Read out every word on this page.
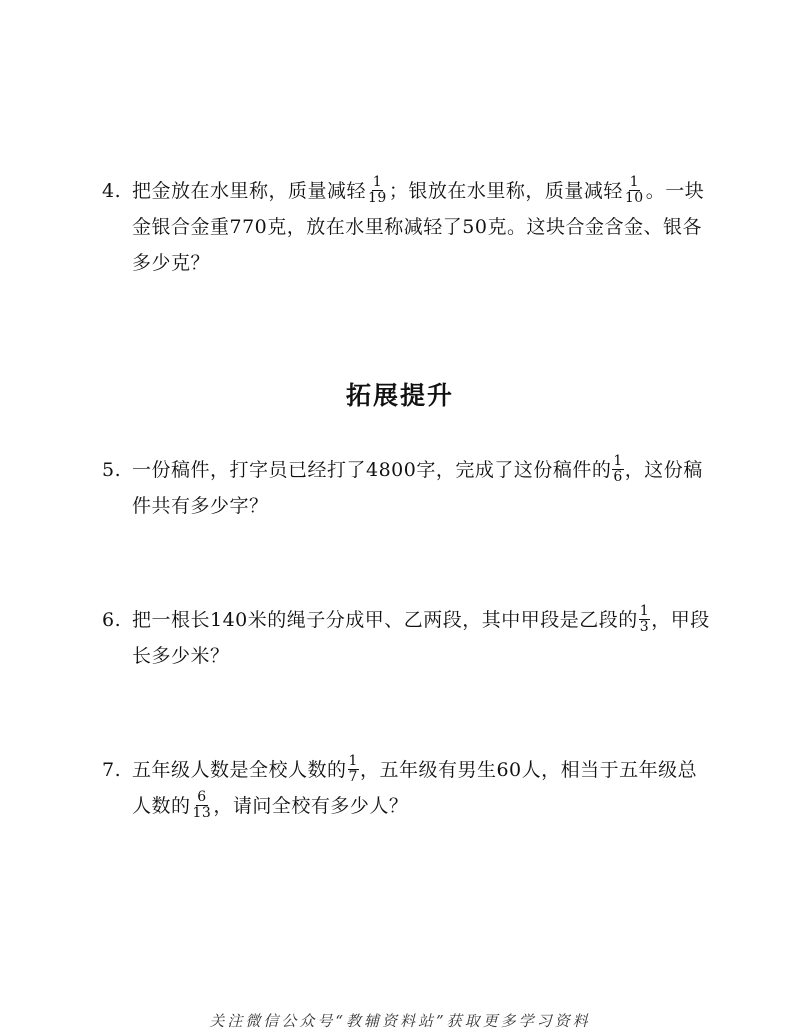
4. 把金放在水里称，质量减轻 $\frac{1}{19}$ ；银放在水里称，质量减轻 $\frac{1}{10}$ 。一块
金银合金重770克，放在水里称减轻了50克。这块合金含金、银各
多少克？
拓展提升
5. 一份稿件，打字员已经打了4800字，完成了这份稿件的 $\frac{1}{6}$ ，这份稿
件共有多少字？
6. 把一根长140米的绳子分成甲、乙两段，其中甲段是乙段的 $\frac{1}{3}$ ，甲段
长多少米？
7. 五年级人数是全校人数的 $\frac{1}{7}$ ，五年级有男生60人，相当于五年级总
人数的 $\frac{6}{13}$ ，请问全校有多少人？
关注微信公众号“教辅资料站”获取更多学习资料
